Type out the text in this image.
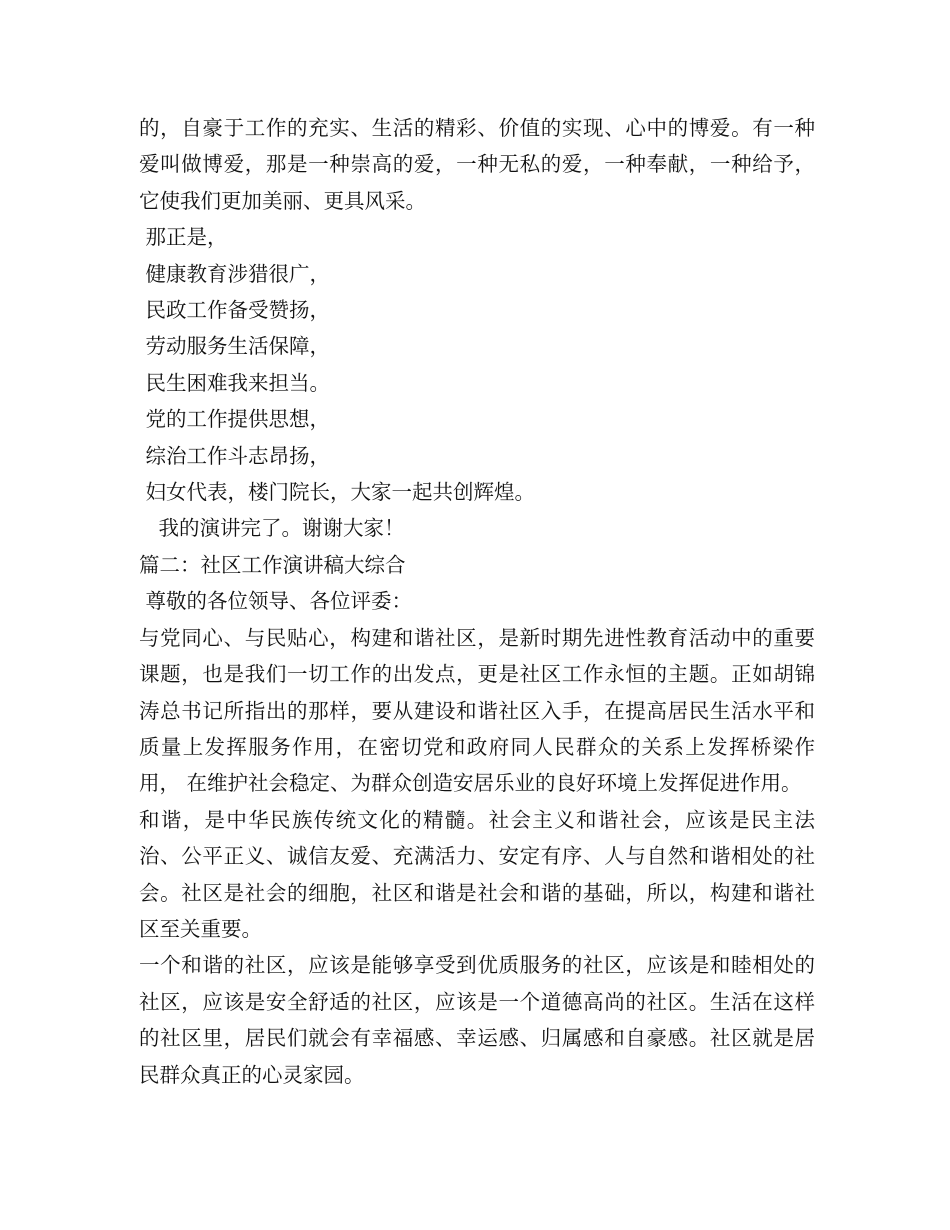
的，自豪于工作的充实、生活的精彩、价值的实现、心中的博爱。有一种爱叫做博爱，那是一种崇高的爱，一种无私的爱，一种奉献，一种给予，它使我们更加美丽、更具风采。

那正是，

健康教育涉猎很广，

民政工作备受赞扬，

劳动服务生活保障，

民生困难我来担当。

党的工作提供思想，

综治工作斗志昂扬，

妇女代表，楼门院长，大家一起共创辉煌。

我的演讲完了。谢谢大家！

篇二：社区工作演讲稿大综合

尊敬的各位领导、各位评委：

与党同心、与民贴心，构建和谐社区，是新时期先进性教育活动中的重要课题，也是我们一切工作的出发点，更是社区工作永恒的主题。正如胡锦涛总书记所指出的那样，要从建设和谐社区入手，在提高居民生活水平和质量上发挥服务作用，在密切党和政府同人民群众的关系上发挥桥梁作用， 在维护社会稳定、为群众创造安居乐业的良好环境上发挥促进作用。

和谐，是中华民族传统文化的精髓。社会主义和谐社会，应该是民主法治、公平正义、诚信友爱、充满活力、安定有序、人与自然和谐相处的社会。社区是社会的细胞，社区和谐是社会和谐的基础，所以，构建和谐社区至关重要。

一个和谐的社区，应该是能够享受到优质服务的社区，应该是和睦相处的社区，应该是安全舒适的社区，应该是一个道德高尚的社区。生活在这样的社区里，居民们就会有幸福感、幸运感、归属感和自豪感。社区就是居民群众真正的心灵家园。
